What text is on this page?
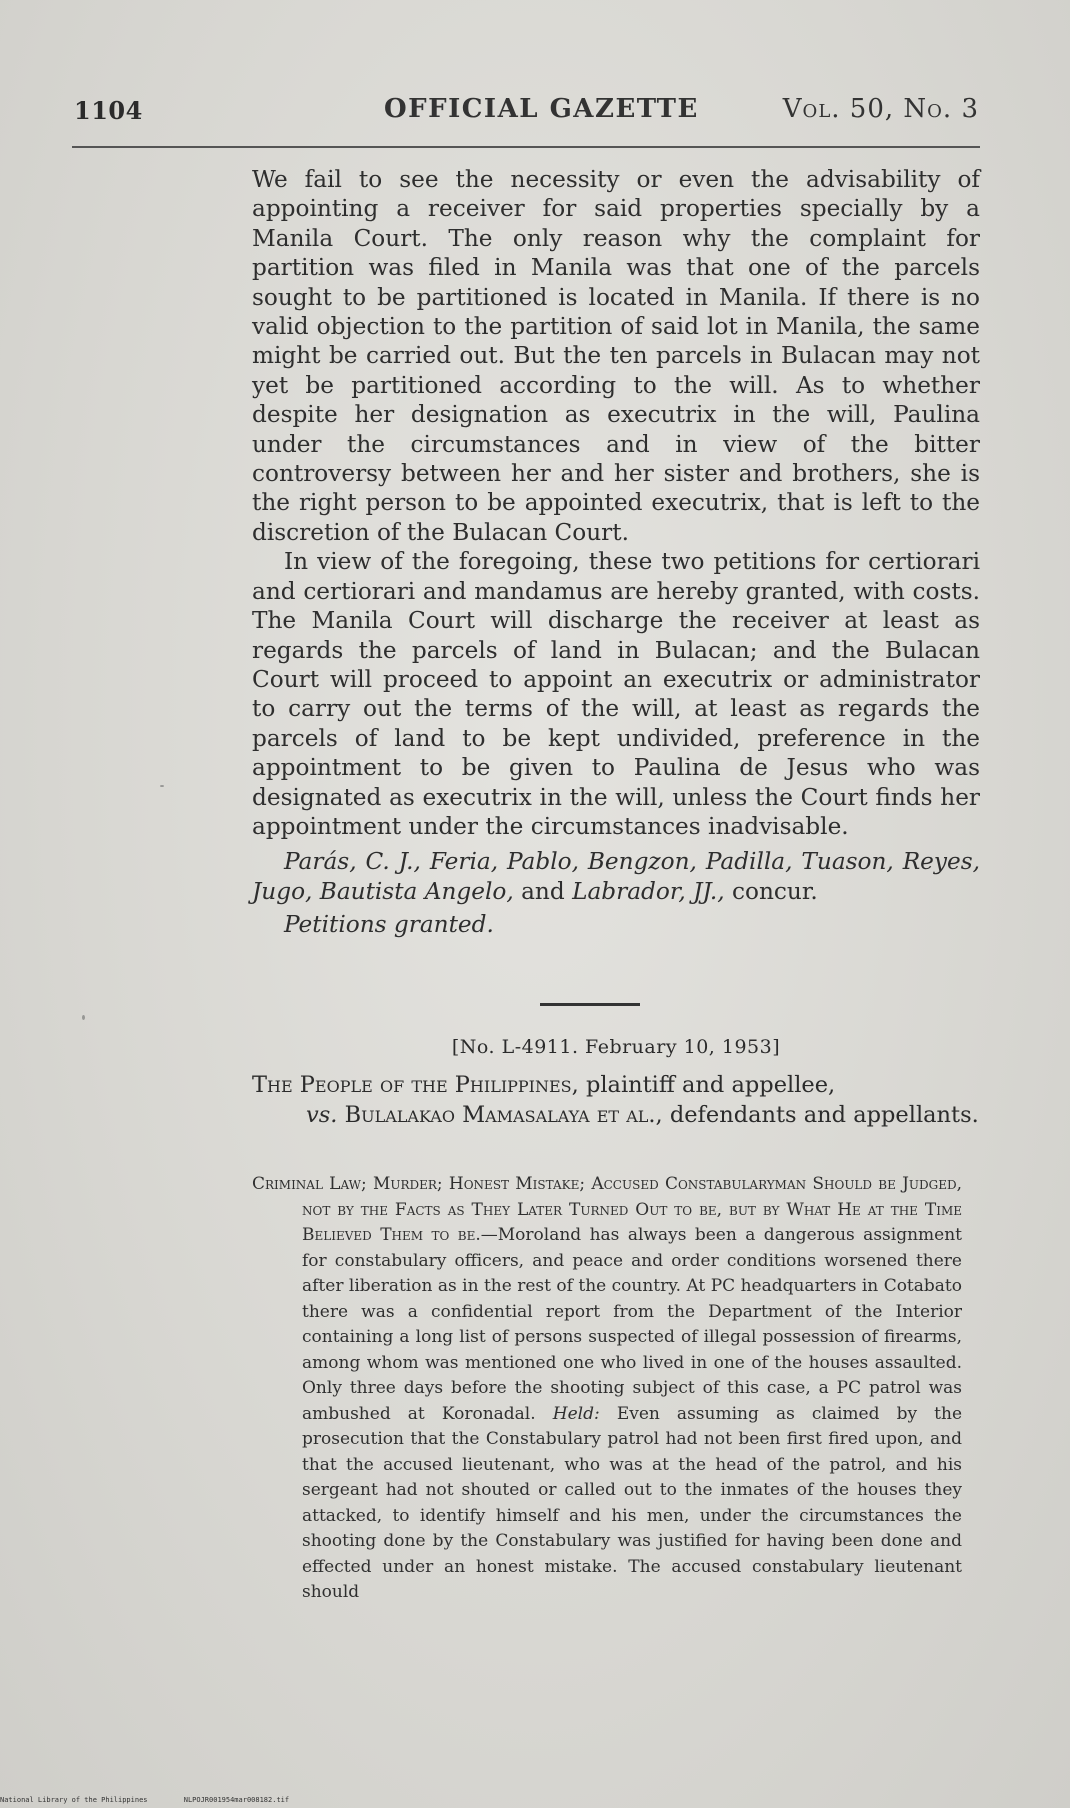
1104	OFFICIAL GAZETTE	Vol. 50, No. 3

We fail to see the necessity or even the advisability of appointing a receiver for said properties specially by a Manila Court. The only reason why the complaint for partition was filed in Manila was that one of the parcels sought to be partitioned is located in Manila. If there is no valid objection to the partition of said lot in Manila, the same might be carried out. But the ten parcels in Bulacan may not yet be partitioned according to the will. As to whether despite her designation as executrix in the will, Paulina under the circumstances and in view of the bitter controversy between her and her sister and brothers, she is the right person to be appointed executrix, that is left to the discretion of the Bulacan Court.

In view of the foregoing, these two petitions for certiorari and certiorari and mandamus are hereby granted, with costs. The Manila Court will discharge the receiver at least as regards the parcels of land in Bulacan; and the Bulacan Court will proceed to appoint an executrix or administrator to carry out the terms of the will, at least as regards the parcels of land to be kept undivided, preference in the appointment to be given to Paulina de Jesus who was designated as executrix in the will, unless the Court finds her appointment under the circumstances inadvisable.

Parás, C. J., Feria, Pablo, Bengzon, Padilla, Tuason, Reyes, Jugo, Bautista Angelo, and Labrador, JJ., concur.

Petitions granted.

[No. L-4911. February 10, 1953]
The People of the Philippines, plaintiff and appellee,
vs. Bulalakao Mamasalaya et al., defendants and appellants.

Criminal Law; Murder; Honest Mistake; Accused Constabularyman Should be Judged, not by the Facts as They Later Turned Out to be, but by What He at the Time Believed Them to be.—Moroland has always been a dangerous assignment for constabulary officers, and peace and order conditions worsened there after liberation as in the rest of the country. At PC headquarters in Cotabato there was a confidential report from the Department of the Interior containing a long list of persons suspected of illegal possession of firearms, among whom was mentioned one who lived in one of the houses assaulted. Only three days before the shooting subject of this case, a PC patrol was ambushed at Koronadal. Held: Even assuming as claimed by the prosecution that the Constabulary patrol had not been first fired upon, and that the accused lieutenant, who was at the head of the patrol, and his sergeant had not shouted or called out to the inmates of the houses they attacked, to identify himself and his men, under the circumstances the shooting done by the Constabulary was justified for having been done and effected under an honest mistake. The accused constabulary lieutenant should

National Library of the Philippines	NLPOJR001954mar008182.tif
